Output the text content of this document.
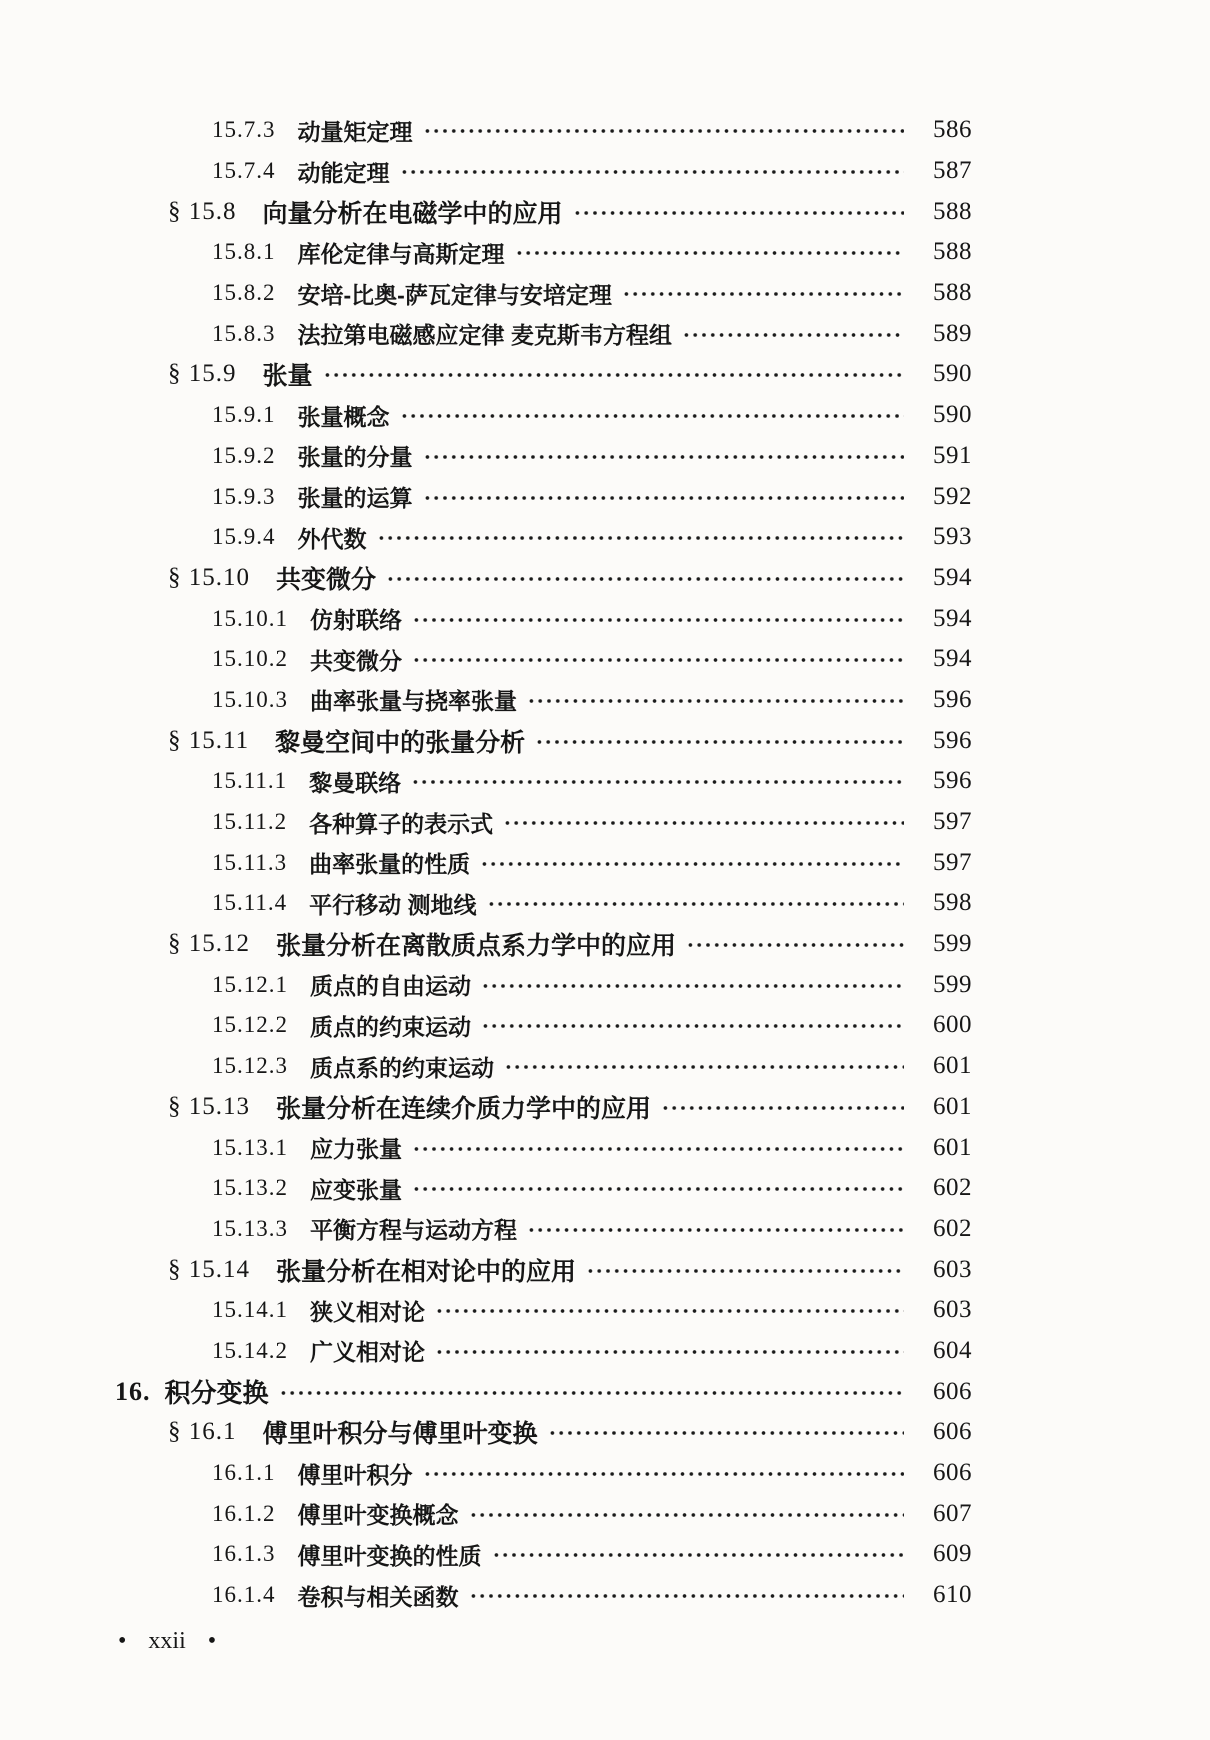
15.7.3 动量矩定理	586
15.7.4 动能定理	587
§ 15.8 向量分析在电磁学中的应用	588
15.8.1 库伦定律与高斯定理	588
15.8.2 安培-比奥-萨瓦定律与安培定理	588
15.8.3 法拉第电磁感应定律 麦克斯韦方程组	589
§ 15.9 张量	590
15.9.1 张量概念	590
15.9.2 张量的分量	591
15.9.3 张量的运算	592
15.9.4 外代数	593
§ 15.10 共变微分	594
15.10.1 仿射联络	594
15.10.2 共变微分	594
15.10.3 曲率张量与挠率张量	596
§ 15.11 黎曼空间中的张量分析	596
15.11.1 黎曼联络	596
15.11.2 各种算子的表示式	597
15.11.3 曲率张量的性质	597
15.11.4 平行移动 测地线	598
§ 15.12 张量分析在离散质点系力学中的应用	599
15.12.1 质点的自由运动	599
15.12.2 质点的约束运动	600
15.12.3 质点系的约束运动	601
§ 15.13 张量分析在连续介质力学中的应用	601
15.13.1 应力张量	601
15.13.2 应变张量	602
15.13.3 平衡方程与运动方程	602
§ 15.14 张量分析在相对论中的应用	603
15.14.1 狭义相对论	603
15.14.2 广义相对论	604
16. 积分变换	606
§ 16.1 傅里叶积分与傅里叶变换	606
16.1.1 傅里叶积分	606
16.1.2 傅里叶变换概念	607
16.1.3 傅里叶变换的性质	609
16.1.4 卷积与相关函数	610
• xxii •
